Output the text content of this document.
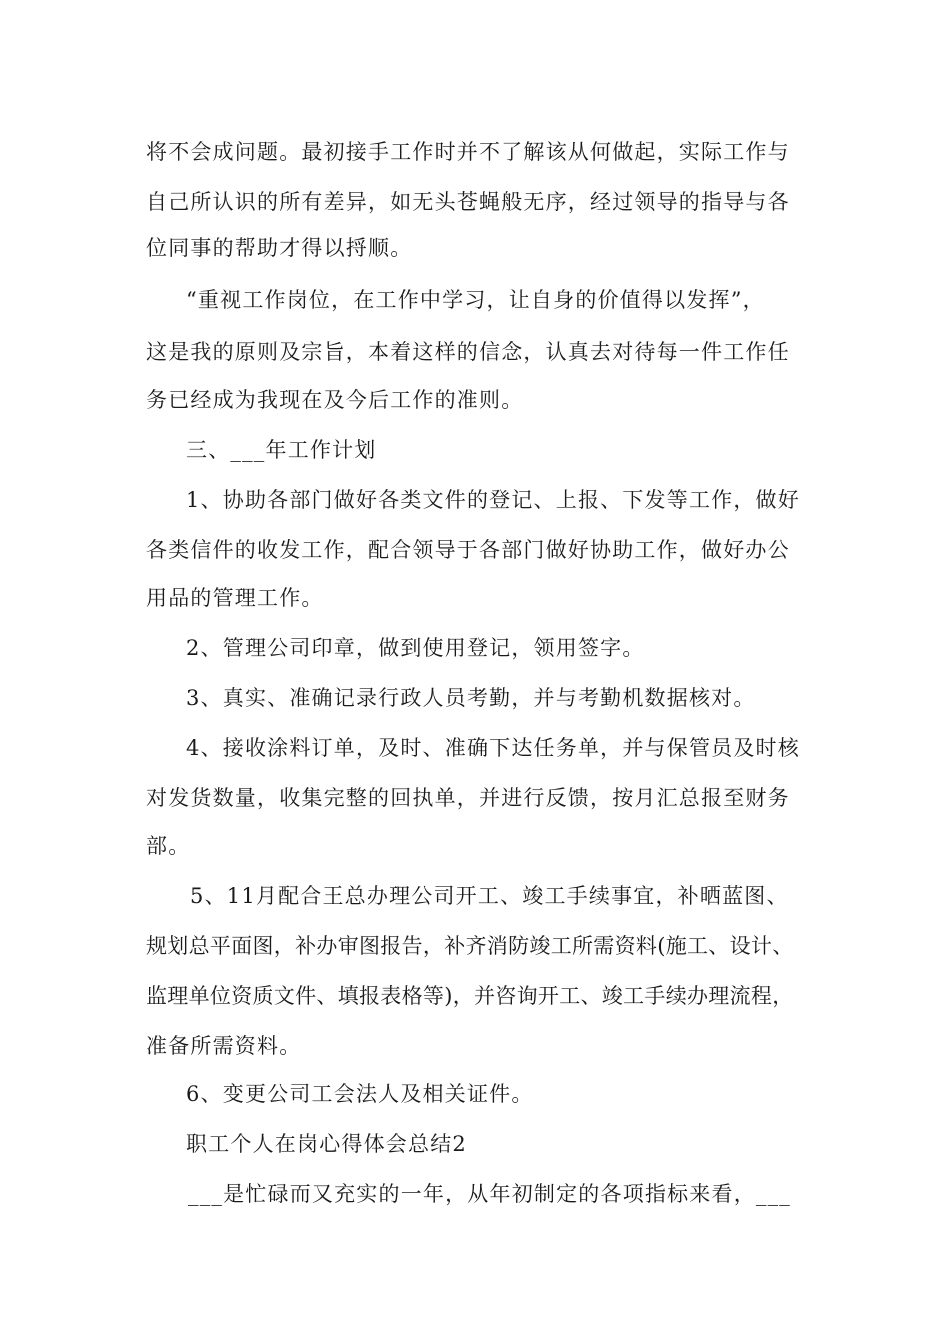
将不会成问题。最初接手工作时并不了解该从何做起，实际工作与
自己所认识的所有差异，如无头苍蝇般无序，经过领导的指导与各
位同事的帮助才得以捋顺。
“重视工作岗位，在工作中学习，让自身的价值得以发挥”，
这是我的原则及宗旨，本着这样的信念，认真去对待每一件工作任
务已经成为我现在及今后工作的准则。
三、___年工作计划
1、协助各部门做好各类文件的登记、上报、下发等工作，做好
各类信件的收发工作，配合领导于各部门做好协助工作，做好办公
用品的管理工作。
2、管理公司印章，做到使用登记，领用签字。
3、真实、准确记录行政人员考勤，并与考勤机数据核对。
4、接收涂料订单，及时、准确下达任务单，并与保管员及时核
对发货数量，收集完整的回执单，并进行反馈，按月汇总报至财务
部。
5、11月配合王总办理公司开工、竣工手续事宜，补晒蓝图、
规划总平面图，补办审图报告，补齐消防竣工所需资料(施工、设计、
监理单位资质文件、填报表格等)，并咨询开工、竣工手续办理流程，
准备所需资料。
6、变更公司工会法人及相关证件。
职工个人在岗心得体会总结2
___是忙碌而又充实的一年，从年初制定的各项指标来看，___
